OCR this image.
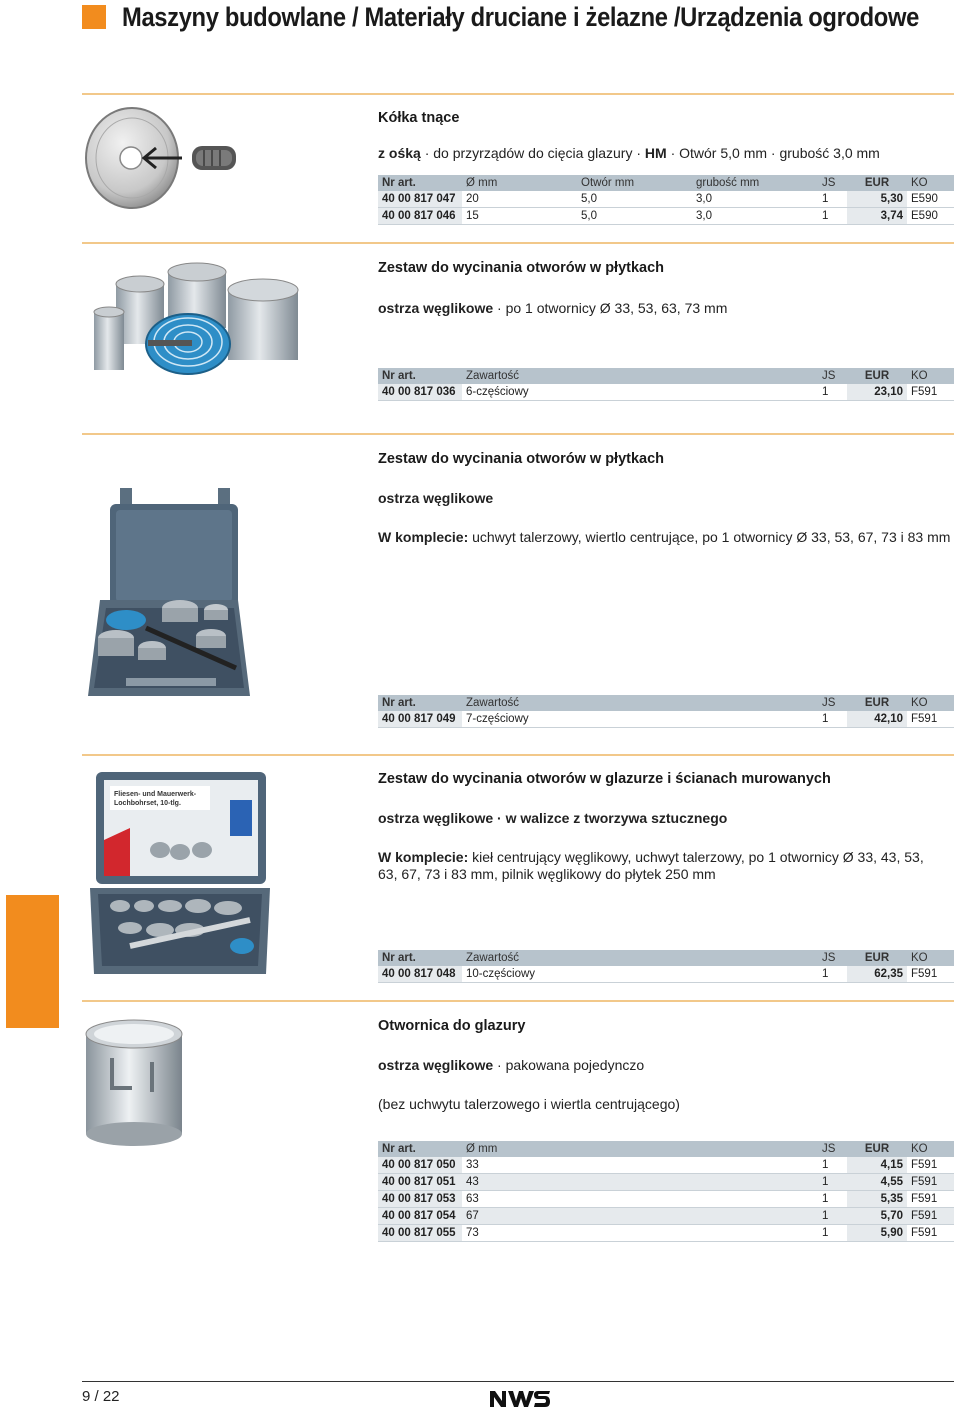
Maszyny budowlane / Materiały druciane i żelazne /Urządzenia ogrodowe
Kółka tnące
z ośką · do przyrządów do cięcia glazury · HM · Otwór 5,0 mm · grubość 3,0 mm
Nr art.	Ø mm	Otwór mm	grubość mm	JS	EUR	KO
40 00 817 047	20	5,0	3,0	1	5,30	E590
40 00 817 046	15	5,0	3,0	1	3,74	E590
Zestaw do wycinania otworów w płytkach
ostrza węglikowe · po 1 otwornicy Ø 33, 53, 63, 73 mm
Nr art.	Zawartość	JS	EUR	KO
40 00 817 036	6-częściowy	1	23,10	F591
Zestaw do wycinania otworów w płytkach
ostrza węglikowe
W komplecie: uchwyt talerzowy, wiertlo centrujące, po 1 otwornicy Ø 33, 53, 67, 73 i 83 mm
Nr art.	Zawartość	JS	EUR	KO
40 00 817 049	7-częściowy	1	42,10	F591
Fliesen- und Mauerwerk-
Lochbohrset, 10-tlg.
Zestaw do wycinania otworów w glazurze i ścianach murowanych
ostrza węglikowe · w walizce z tworzywa sztucznego
W komplecie: kieł centrujący węglikowy, uchwyt talerzowy, po 1 otwornicy Ø 33, 43, 53, 63, 67, 73 i 83 mm, pilnik węglikowy do płytek 250 mm
Nr art.	Zawartość	JS	EUR	KO
40 00 817 048	10-częściowy	1	62,35	F591
Otwornica do glazury
ostrza węglikowe · pakowana pojedynczo
(bez uchwytu talerzowego i wiertla centrującego)
Nr art.	Ø mm	JS	EUR	KO
40 00 817 050	33	1	4,15	F591
40 00 817 051	43	1	4,55	F591
40 00 817 053	63	1	5,35	F591
40 00 817 054	67	1	5,70	F591
40 00 817 055	73	1	5,90	F591
9 / 22
